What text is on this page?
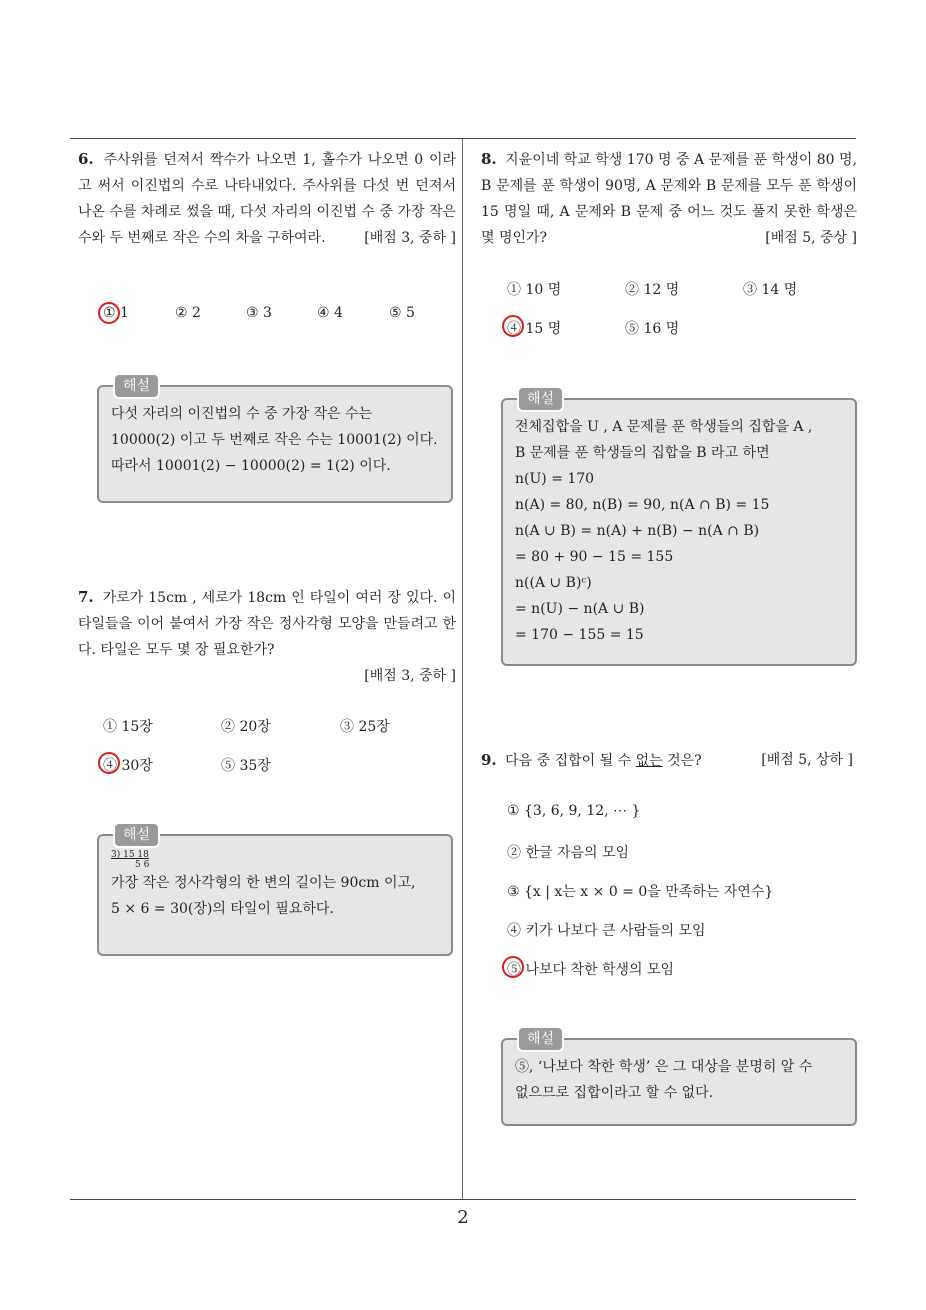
6. 주사위를 던져서 짝수가 나오면 1, 홀수가 나오면 0 이라고 써서 이진법의 수로 나타내었다. 주사위를 다섯 번 던져서 나온 수를 차례로 썼을 때, 다섯 자리의 이진법 수 중 가장 작은 수와 두 번째로 작은 수의 차을 구하여라.	[배점 3, 중하 ]
① 1	② 2	③ 3	④ 4	⑤ 5
해설
다섯 자리의 이진법의 수 중 가장 작은 수는
10000(2) 이고 두 번째로 작은 수는 10001(2) 이다.
따라서 10001(2) − 10000(2) = 1(2) 이다.
7. 가로가 15cm , 세로가 18cm 인 타일이 여러 장 있다. 이 타일들을 이어 붙여서 가장 작은 정사각형 모양을 만들려고 한다. 타일은 모두 몇 장 필요한가?
[배점 3, 중하 ]
① 15장	② 20장	③ 25장
④ 30장	⑤ 35장
해설
3) 15 18
5 6
가장 작은 정사각형의 한 변의 길이는 90cm 이고,
5 × 6 = 30(장)의 타일이 필요하다.
8. 지윤이네 학교 학생 170 명 중 A 문제를 푼 학생이 80 명, B 문제를 푼 학생이 90명, A 문제와 B 문제를 모두 푼 학생이 15 명일 때, A 문제와 B 문제 중 어느 것도 풀지 못한 학생은 몇 명인가?	[배점 5, 중상 ]
① 10 명	② 12 명	③ 14 명
④ 15 명	⑤ 16 명
해설
전체집합을 U , A 문제를 푼 학생들의 집합을 A ,
B 문제를 푼 학생들의 집합을 B 라고 하면
n(U) = 170
n(A) = 80, n(B) = 90, n(A ∩ B) = 15
n(A ∪ B) = n(A) + n(B) − n(A ∩ B)
= 80 + 90 − 15 = 155
n((A ∪ B)ᶜ)
= n(U) − n(A ∪ B)
= 170 − 155 = 15
9. 다음 중 집합이 될 수 없는 것은?	[배점 5, 상하 ]
① {3, 6, 9, 12, ⋯ }
② 한글 자음의 모임
③ {x | x는 x × 0 = 0을 만족하는 자연수}
④ 키가 나보다 큰 사람들의 모임
⑤ 나보다 착한 학생의 모임
해설
⑤, ‘나보다 착한 학생’ 은 그 대상을 분명히 알 수
없으므로 집합이라고 할 수 없다.
2
